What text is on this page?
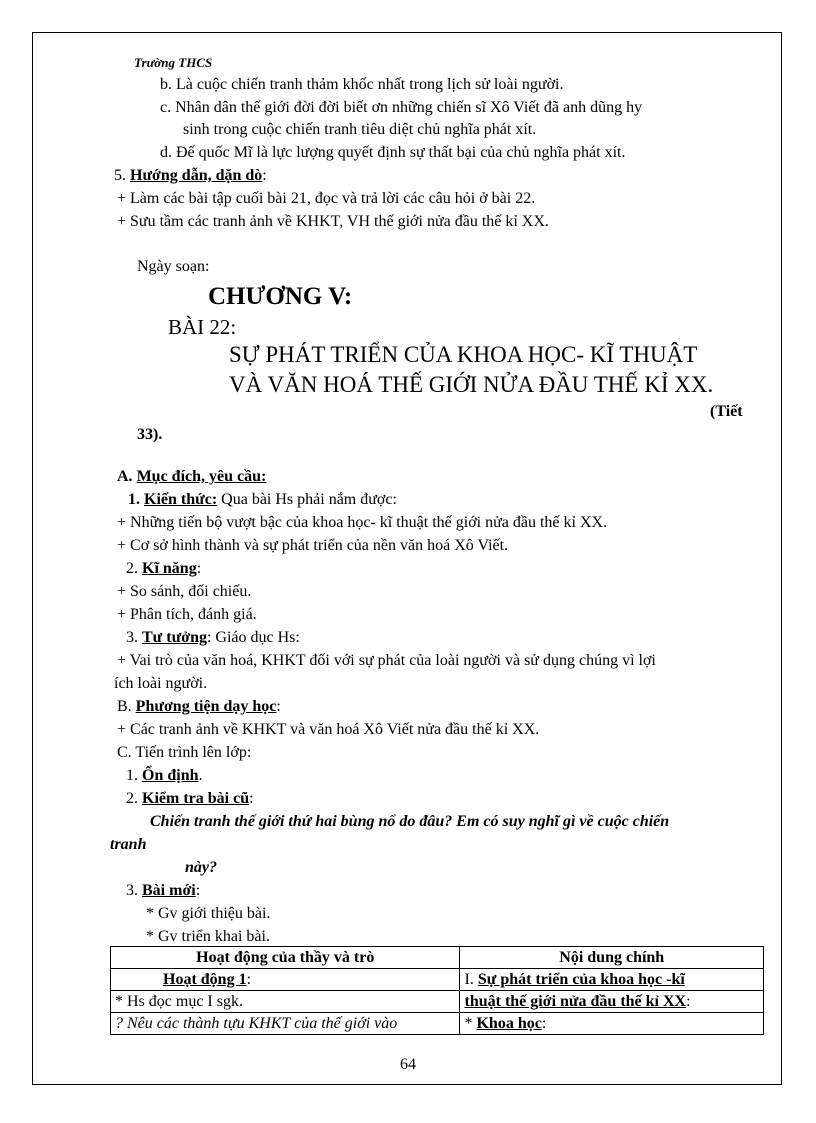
Trường THCS
b. Là cuộc chiến tranh thảm khốc nhất trong lịch sử loài người.
c. Nhân dân thế giới đời đời biết ơn những chiến sĩ Xô Viết đã anh dũng hy
sinh trong cuộc chiến tranh tiêu diệt chủ nghĩa phát xít.
d. Đế quốc Mĩ là lực lượng quyết định sự thất bại của chủ nghĩa phát xít.
5. Hướng dẫn, dặn dò:
+ Làm các bài tập cuối bài 21, đọc và trả lời các câu hỏi ở bài 22.
+ Sưu tầm các tranh ảnh về KHKT, VH thế giới nửa đầu thế kỉ XX.
Ngày soạn:
CHƯƠNG V:
BÀI 22:
SỰ PHÁT TRIỂN CỦA KHOA HỌC- KĨ THUẬT
VÀ VĂN HOÁ THẾ GIỚI NỬA ĐẦU THẾ KỈ XX.
(Tiết
33).
A. Mục đích, yêu cầu:
1. Kiến thức: Qua bài Hs phải nắm được:
+ Những tiến bộ vượt bậc của khoa học- kĩ thuật thế giới nửa đầu thế kỉ XX.
+ Cơ sở hình thành và sự phát triển của nền văn hoá Xô Viết.
2. Kĩ năng:
+ So sánh, đối chiếu.
+ Phân tích, đánh giá.
3. Tư tưởng: Giáo dục Hs:
+ Vai trò của văn hoá, KHKT đối với sự phát của loài người và sử dụng chúng vì lợi
ích loài người.
B. Phương tiện dạy học:
+ Các tranh ảnh về KHKT và văn hoá Xô Viết nửa đầu thế kỉ XX.
C. Tiến trình lên lớp:
1. Ổn định.
2. Kiểm tra bài cũ:
Chiến tranh thế giới thứ hai bùng nổ do đâu? Em có suy nghĩ gì về cuộc chiến
tranh
này?
3. Bài mới:
* Gv giới thiệu bài.
* Gv triển khai bài.
Hoạt động của thầy và trò	Nội dung chính
Hoạt động 1:	I. Sự phát triển của khoa học -kĩ
* Hs đọc mục I sgk.	thuật thế giới nửa đầu thế kỉ XX:
? Nêu các thành tựu KHKT của thế giới vào	* Khoa học:
64
